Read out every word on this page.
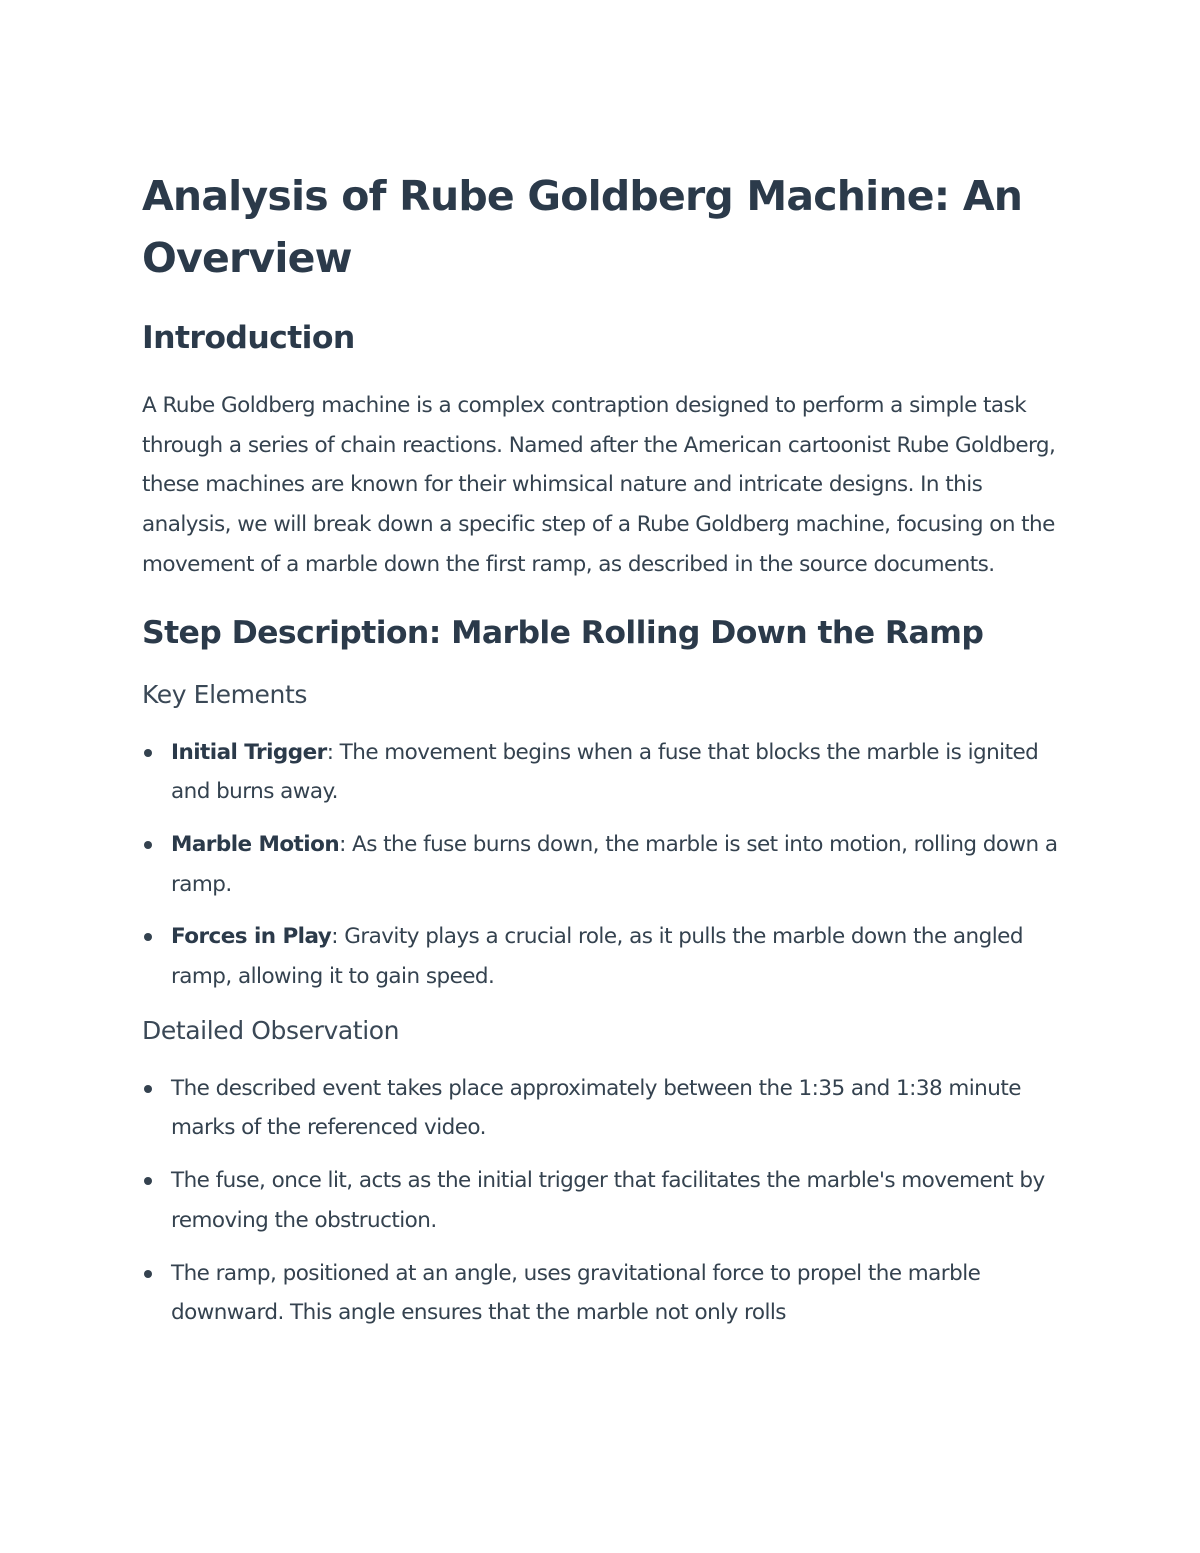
Analysis of Rube Goldberg Machine: An Overview
Introduction

A Rube Goldberg machine is a complex contraption designed to perform a simple task through a series of chain reactions. Named after the American cartoonist Rube Goldberg, these machines are known for their whimsical nature and intricate designs. In this analysis, we will break down a specific step of a Rube Goldberg machine, focusing on the movement of a marble down the first ramp, as described in the source documents.

Step Description: Marble Rolling Down the Ramp
Key Elements
Initial Trigger: The movement begins when a fuse that blocks the marble is ignited and burns away.
Marble Motion: As the fuse burns down, the marble is set into motion, rolling down a ramp.
Forces in Play: Gravity plays a crucial role, as it pulls the marble down the angled ramp, allowing it to gain speed.
Detailed Observation
The described event takes place approximately between the 1:35 and 1:38 minute marks of the referenced video.
The fuse, once lit, acts as the initial trigger that facilitates the marble's movement by removing the obstruction.
The ramp, positioned at an angle, uses gravitational force to propel the marble downward. This angle ensures that the marble not only rolls
